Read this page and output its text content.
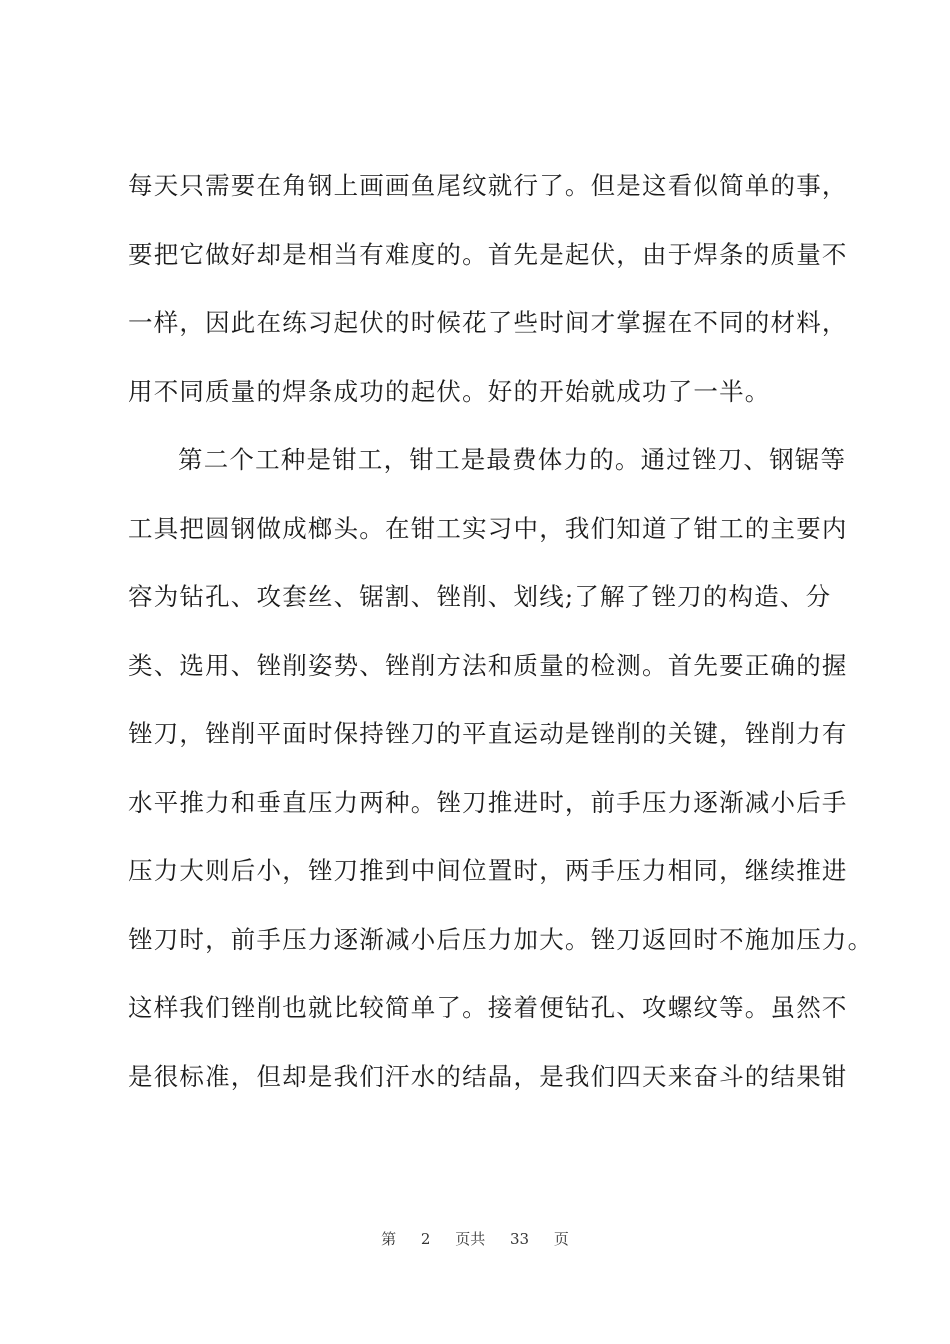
每天只需要在角钢上画画鱼尾纹就行了。但是这看似简单的事，
要把它做好却是相当有难度的。首先是起伏，由于焊条的质量不
一样，因此在练习起伏的时候花了些时间才掌握在不同的材料，
用不同质量的焊条成功的起伏。好的开始就成功了一半。
第二个工种是钳工，钳工是最费体力的。通过锉刀、钢锯等
工具把圆钢做成榔头。在钳工实习中，我们知道了钳工的主要内
容为钻孔、攻套丝、锯割、锉削、划线;了解了锉刀的构造、分
类、选用、锉削姿势、锉削方法和质量的检测。首先要正确的握
锉刀，锉削平面时保持锉刀的平直运动是锉削的关键，锉削力有
水平推力和垂直压力两种。锉刀推进时，前手压力逐渐减小后手
压力大则后小，锉刀推到中间位置时，两手压力相同，继续推进
锉刀时，前手压力逐渐减小后压力加大。锉刀返回时不施加压力。
这样我们锉削也就比较简单了。接着便钻孔、攻螺纹等。虽然不
是很标准，但却是我们汗水的结晶，是我们四天来奋斗的结果钳
第 2 页共 33 页
